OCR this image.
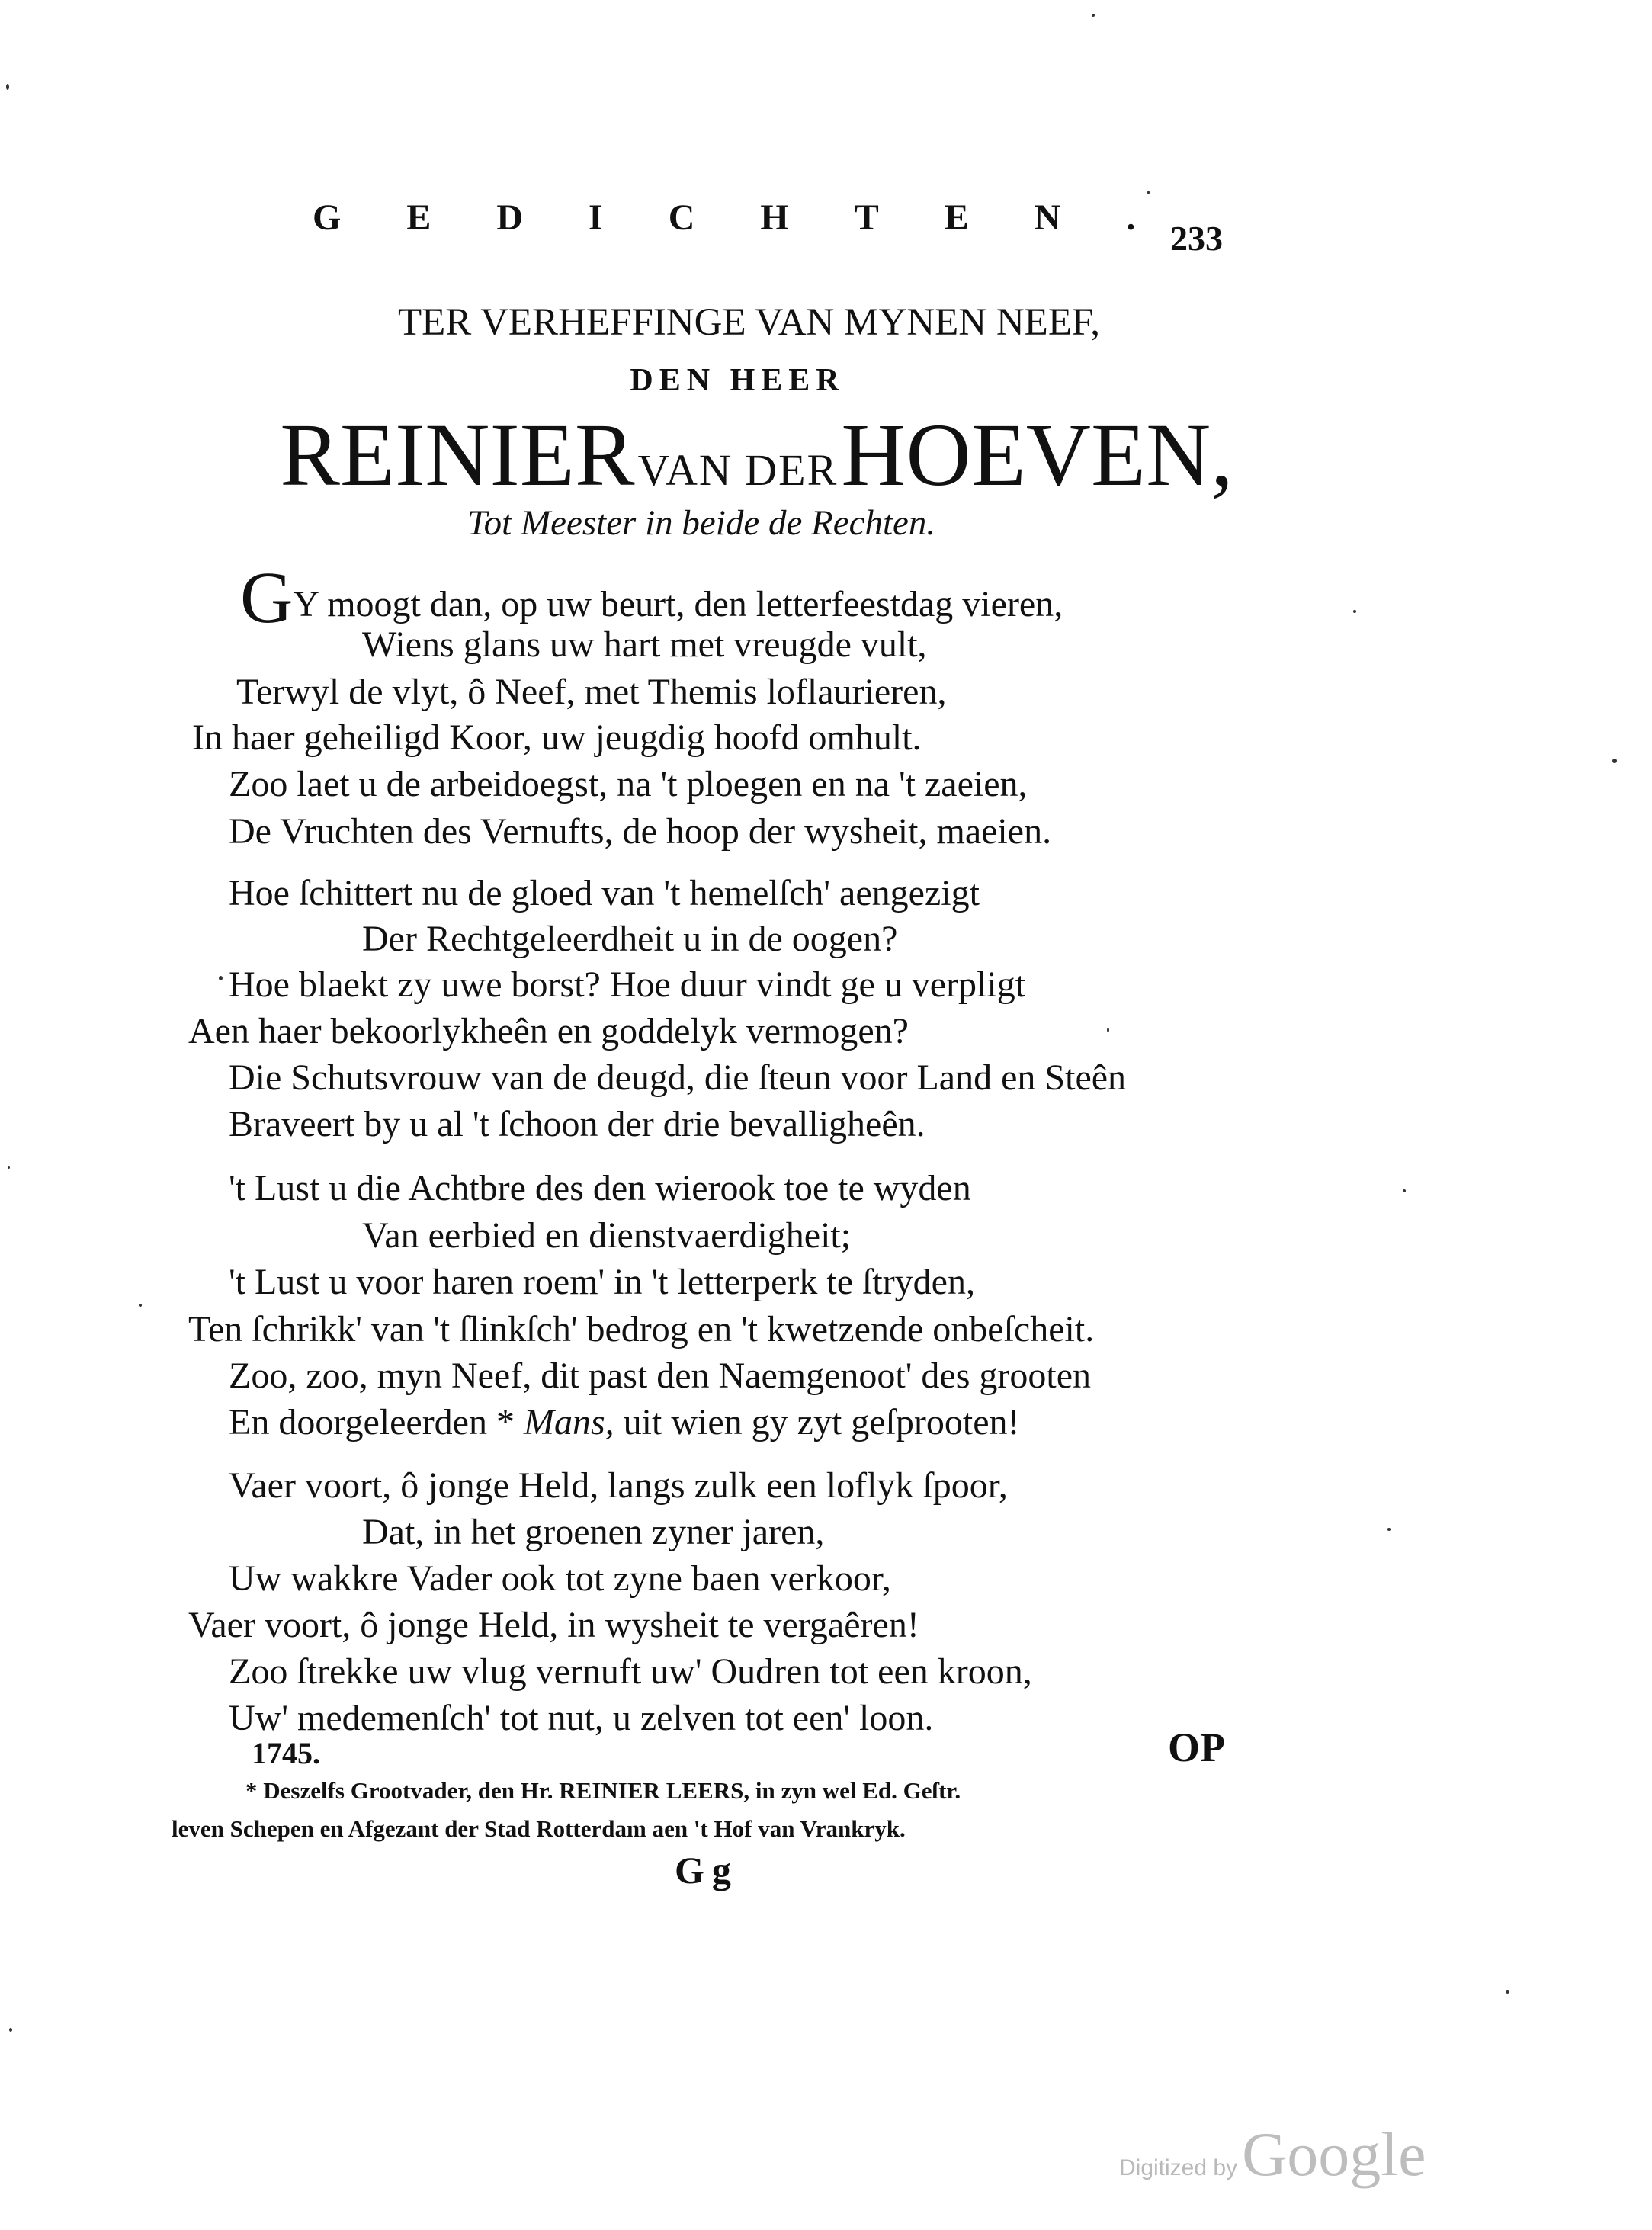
GEDICHTEN.
233
TER VERHEFFINGE VAN MYNEN NEEF,
DEN HEER
REINIER VAN DER HOEVEN,
Tot Meester in beide de Rechten.
GY moogt dan, op uw beurt, den letterfeestdag vieren,
Wiens glans uw hart met vreugde vult,
Terwyl de vlyt, ô Neef, met Themis loflaurieren,
In haer geheiligd Koor, uw jeugdig hoofd omhult.
Zoo laet u de arbeidoegst, na 't ploegen en na 't zaeien,
De Vruchten des Vernufts, de hoop der wysheit, maeien.
Hoe ſchittert nu de gloed van 't hemelſch' aengezigt
Der Rechtgeleerdheit u in de oogen?
Hoe blaekt zy uwe borst? Hoe duur vindt ge u verpligt
Aen haer bekoorlykheên en goddelyk vermogen?
Die Schutsvrouw van de deugd, die ſteun voor Land en Steên
Braveert by u al 't ſchoon der drie bevalligheên.
't Lust u die Achtbre des den wierook toe te wyden
Van eerbied en dienstvaerdigheit;
't Lust u voor haren roem' in 't letterperk te ſtryden,
Ten ſchrikk' van 't ſlinkſch' bedrog en 't kwetzende onbeſcheit.
Zoo, zoo, myn Neef, dit past den Naemgenoot' des grooten
En doorgeleerden * Mans, uit wien gy zyt geſprooten!
Vaer voort, ô jonge Held, langs zulk een loflyk ſpoor,
Dat, in het groenen zyner jaren,
Uw wakkre Vader ook tot zyne baen verkoor,
Vaer voort, ô jonge Held, in wysheit te vergaêren!
Zoo ſtrekke uw vlug vernuft uw' Oudren tot een kroon,
Uw' medemenſch' tot nut, u zelven tot een' loon.
1745.	OP
* Deszelfs Grootvader, den Hr. REINIER LEERS, in zyn wel Ed. Geſtr.
leven Schepen en Afgezant der Stad Rotterdam aen 't Hof van Vrankryk.
Gg
Digitized byGoogle
